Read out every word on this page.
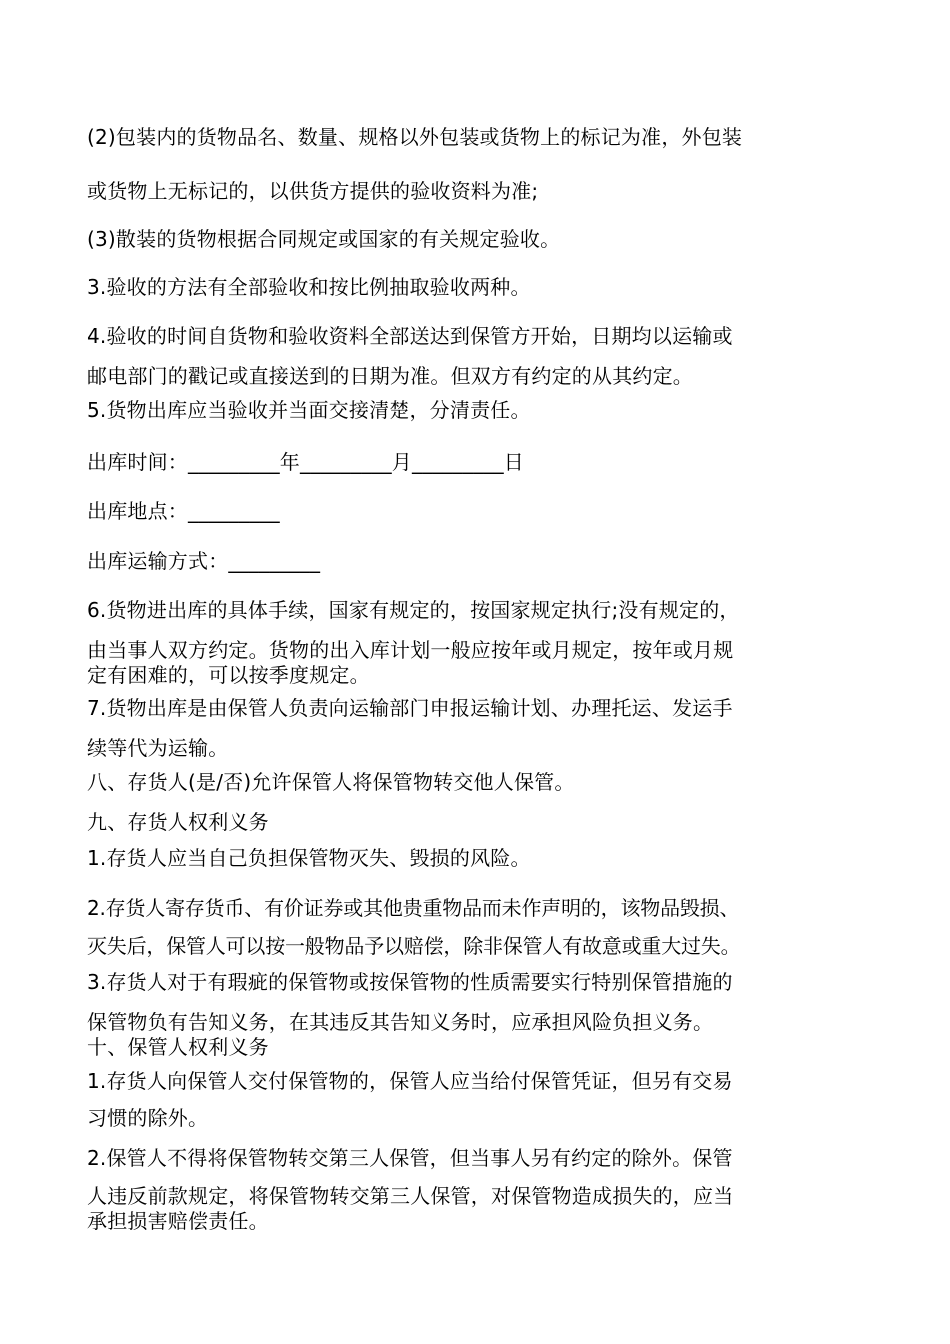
(2)包装内的货物品名、数量、规格以外包装或货物上的标记为准，外包装
或货物上无标记的，以供货方提供的验收资料为准;
(3)散装的货物根据合同规定或国家的有关规定验收。
3.验收的方法有全部验收和按比例抽取验收两种。
4.验收的时间自货物和验收资料全部送达到保管方开始，日期均以运输或
邮电部门的戳记或直接送到的日期为准。但双方有约定的从其约定。
5.货物出库应当验收并当面交接清楚，分清责任。
出库时间：_________年_________月_________日
出库地点：_________
出库运输方式：_________
6.货物进出库的具体手续，国家有规定的，按国家规定执行;没有规定的，
由当事人双方约定。货物的出入库计划一般应按年或月规定，按年或月规
定有困难的，可以按季度规定。
7.货物出库是由保管人负责向运输部门申报运输计划、办理托运、发运手
续等代为运输。
八、存货人(是/否)允许保管人将保管物转交他人保管。
九、存货人权利义务
1.存货人应当自己负担保管物灭失、毁损的风险。
2.存货人寄存货币、有价证券或其他贵重物品而未作声明的，该物品毁损、
灭失后，保管人可以按一般物品予以赔偿，除非保管人有故意或重大过失。
3.存货人对于有瑕疵的保管物或按保管物的性质需要实行特别保管措施的
保管物负有告知义务，在其违反其告知义务时，应承担风险负担义务。
十、保管人权利义务
1.存货人向保管人交付保管物的，保管人应当给付保管凭证，但另有交易
习惯的除外。
2.保管人不得将保管物转交第三人保管，但当事人另有约定的除外。保管
人违反前款规定，将保管物转交第三人保管，对保管物造成损失的，应当
承担损害赔偿责任。
